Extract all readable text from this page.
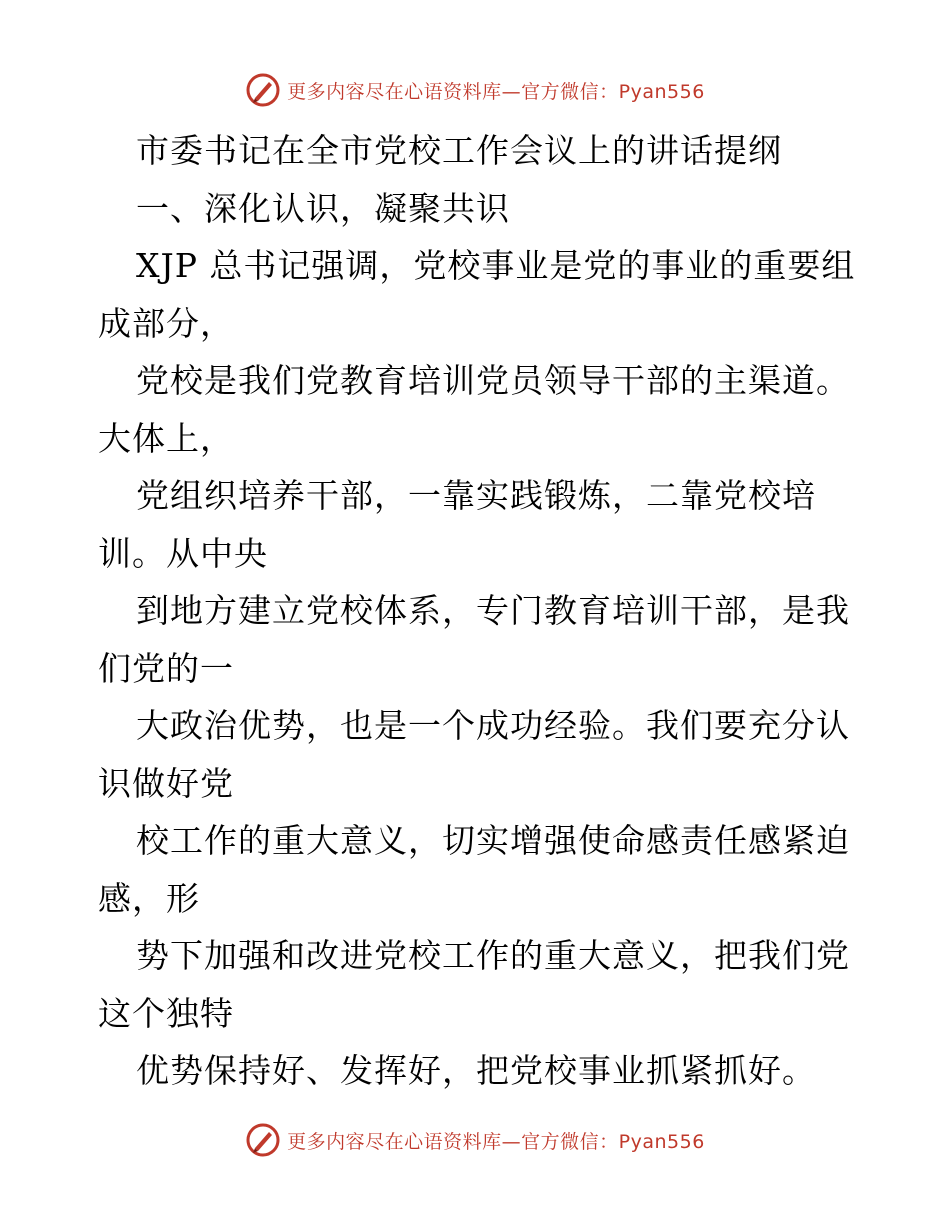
更多内容尽在心语资料库—官方微信：Pyan556
市委书记在全市党校工作会议上的讲话提纲
一、深化认识，凝聚共识
XJP 总书记强调，党校事业是党的事业的重要组
成部分，
党校是我们党教育培训党员领导干部的主渠道。
大体上，
党组织培养干部，一靠实践锻炼，二靠党校培
训。从中央
到地方建立党校体系，专门教育培训干部，是我
们党的一
大政治优势，也是一个成功经验。我们要充分认
识做好党
校工作的重大意义，切实增强使命感责任感紧迫
感，形
势下加强和改进党校工作的重大意义，把我们党
这个独特
优势保持好、发挥好，把党校事业抓紧抓好。
更多内容尽在心语资料库—官方微信：Pyan556
